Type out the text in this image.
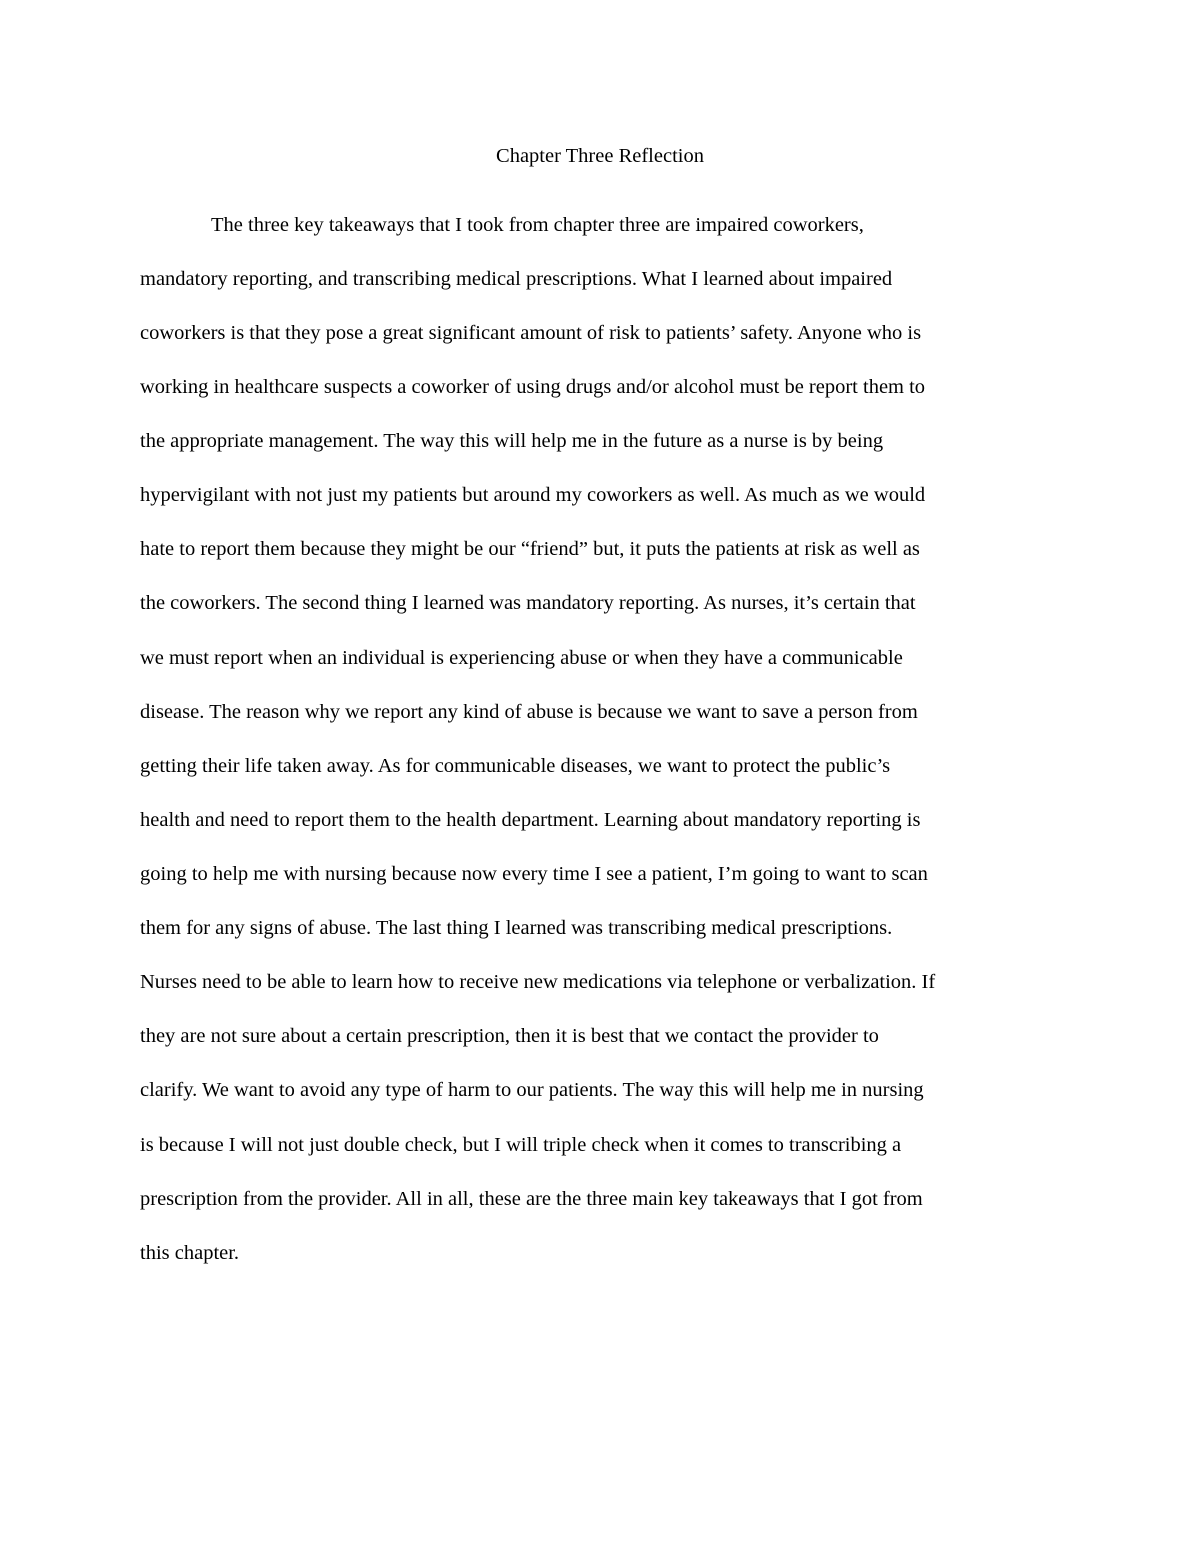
Chapter Three Reflection
The three key takeaways that I took from chapter three are impaired coworkers,
mandatory reporting, and transcribing medical prescriptions. What I learned about impaired
coworkers is that they pose a great significant amount of risk to patients’ safety. Anyone who is
working in healthcare suspects a coworker of using drugs and/or alcohol must be report them to
the appropriate management. The way this will help me in the future as a nurse is by being
hypervigilant with not just my patients but around my coworkers as well. As much as we would
hate to report them because they might be our “friend” but, it puts the patients at risk as well as
the coworkers. The second thing I learned was mandatory reporting. As nurses, it’s certain that
we must report when an individual is experiencing abuse or when they have a communicable
disease. The reason why we report any kind of abuse is because we want to save a person from
getting their life taken away. As for communicable diseases, we want to protect the public’s
health and need to report them to the health department. Learning about mandatory reporting is
going to help me with nursing because now every time I see a patient, I’m going to want to scan
them for any signs of abuse. The last thing I learned was transcribing medical prescriptions.
Nurses need to be able to learn how to receive new medications via telephone or verbalization. If
they are not sure about a certain prescription, then it is best that we contact the provider to
clarify. We want to avoid any type of harm to our patients. The way this will help me in nursing
is because I will not just double check, but I will triple check when it comes to transcribing a
prescription from the provider. All in all, these are the three main key takeaways that I got from
this chapter.
